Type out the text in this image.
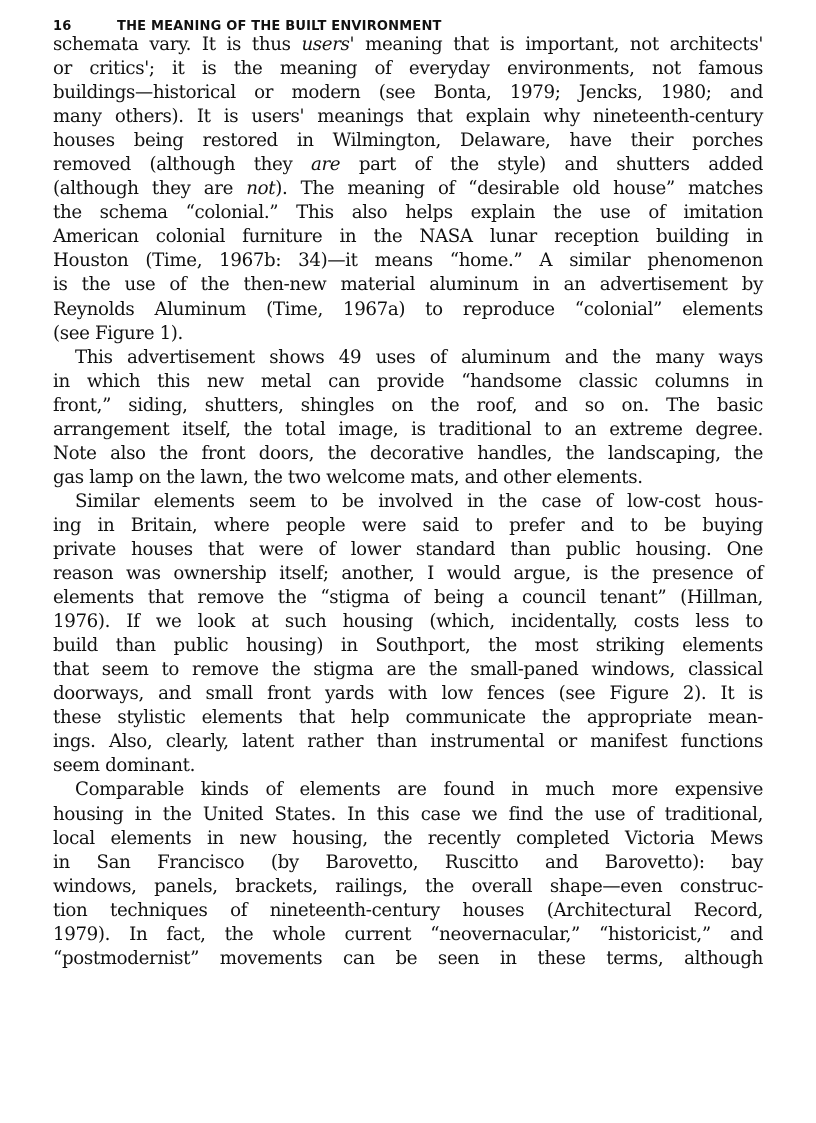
16	THE MEANING OF THE BUILT ENVIRONMENT
schemata vary. It is thus users' meaning that is important, not architects'
or critics'; it is the meaning of everyday environments, not famous
buildings—historical or modern (see Bonta, 1979; Jencks, 1980; and
many others). It is users' meanings that explain why nineteenth-century
houses being restored in Wilmington, Delaware, have their porches
removed (although they are part of the style) and shutters added
(although they are not). The meaning of “desirable old house” matches
the schema “colonial.” This also helps explain the use of imitation
American colonial furniture in the NASA lunar reception building in
Houston (Time, 1967b: 34)—it means “home.” A similar phenomenon
is the use of the then-new material aluminum in an advertisement by
Reynolds Aluminum (Time, 1967a) to reproduce “colonial” elements
(see Figure 1).
This advertisement shows 49 uses of aluminum and the many ways
in which this new metal can provide “handsome classic columns in
front,” siding, shutters, shingles on the roof, and so on. The basic
arrangement itself, the total image, is traditional to an extreme degree.
Note also the front doors, the decorative handles, the landscaping, the
gas lamp on the lawn, the two welcome mats, and other elements.
Similar elements seem to be involved in the case of low-cost hous-
ing in Britain, where people were said to prefer and to be buying
private houses that were of lower standard than public housing. One
reason was ownership itself; another, I would argue, is the presence of
elements that remove the “stigma of being a council tenant” (Hillman,
1976). If we look at such housing (which, incidentally, costs less to
build than public housing) in Southport, the most striking elements
that seem to remove the stigma are the small-paned windows, classical
doorways, and small front yards with low fences (see Figure 2). It is
these stylistic elements that help communicate the appropriate mean-
ings. Also, clearly, latent rather than instrumental or manifest functions
seem dominant.
Comparable kinds of elements are found in much more expensive
housing in the United States. In this case we find the use of traditional,
local elements in new housing, the recently completed Victoria Mews
in San Francisco (by Barovetto, Ruscitto and Barovetto): bay
windows, panels, brackets, railings, the overall shape—even construc-
tion techniques of nineteenth-century houses (Architectural Record,
1979). In fact, the whole current “neovernacular,” “historicist,” and
“postmodernist” movements can be seen in these terms, although
